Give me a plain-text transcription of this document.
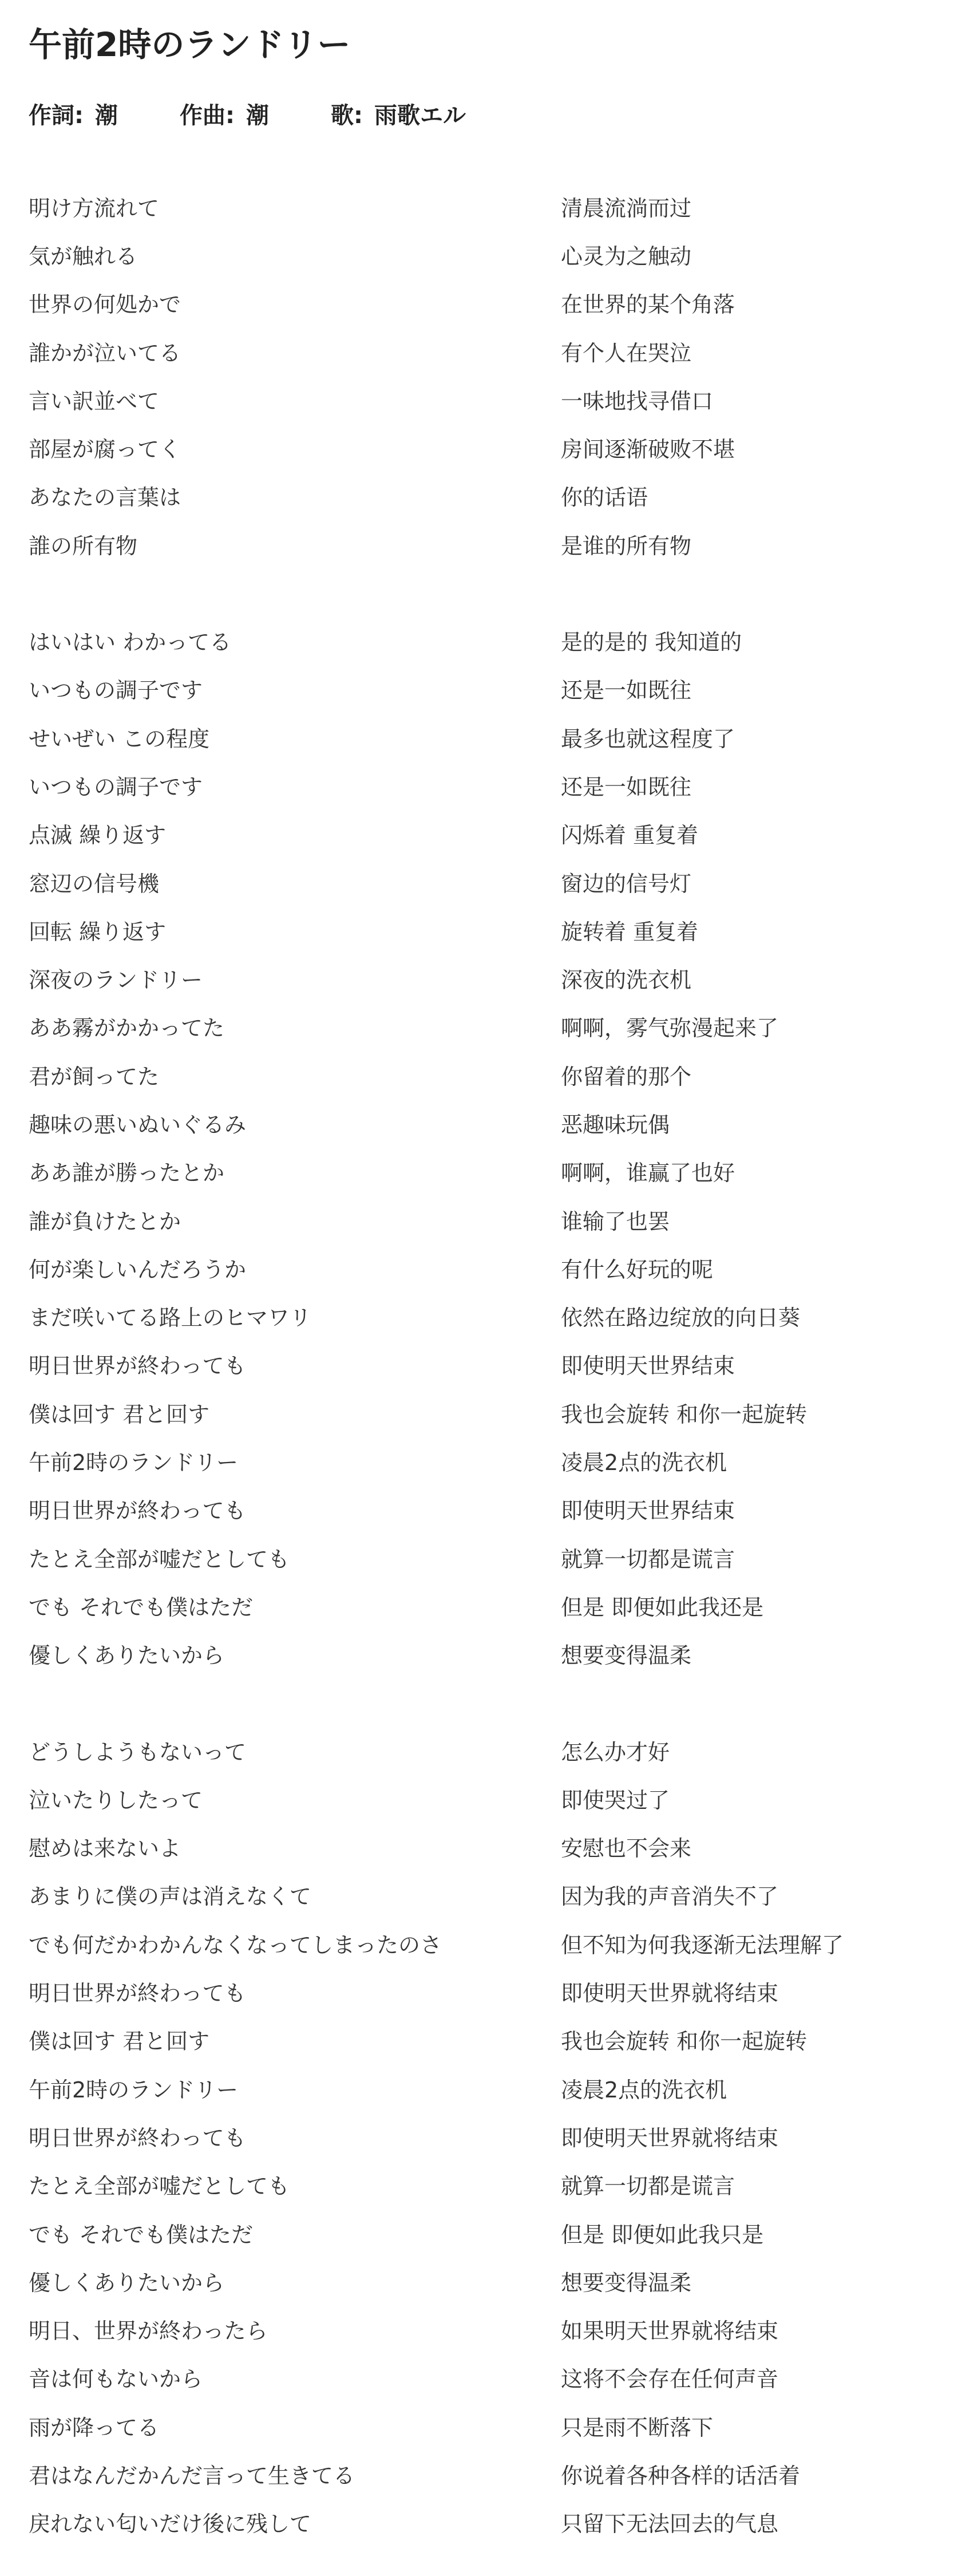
午前2時のランドリー
作詞: 潮	作曲: 潮	歌: 雨歌エル
明け方流れて	清晨流淌而过
気が触れる	心灵为之触动
世界の何処かで	在世界的某个角落
誰かが泣いてる	有个人在哭泣
言い訳並べて	一味地找寻借口
部屋が腐ってく	房间逐渐破败不堪
あなたの言葉は	你的话语
誰の所有物	是谁的所有物
はいはい わかってる	是的是的 我知道的
いつもの調子です	还是一如既往
せいぜい この程度	最多也就这程度了
いつもの調子です	还是一如既往
点滅 繰り返す	闪烁着 重复着
窓辺の信号機	窗边的信号灯
回転 繰り返す	旋转着 重复着
深夜のランドリー	深夜的洗衣机
ああ霧がかかってた	啊啊，雾气弥漫起来了
君が飼ってた	你留着的那个
趣味の悪いぬいぐるみ	恶趣味玩偶
ああ誰が勝ったとか	啊啊，谁赢了也好
誰が負けたとか	谁输了也罢
何が楽しいんだろうか	有什么好玩的呢
まだ咲いてる路上のヒマワリ	依然在路边绽放的向日葵
明日世界が終わっても	即使明天世界结束
僕は回す 君と回す	我也会旋转 和你一起旋转
午前2時のランドリー	凌晨2点的洗衣机
明日世界が終わっても	即使明天世界结束
たとえ全部が嘘だとしても	就算一切都是谎言
でも それでも僕はただ	但是 即便如此我还是
優しくありたいから	想要变得温柔
どうしようもないって	怎么办才好
泣いたりしたって	即使哭过了
慰めは来ないよ	安慰也不会来
あまりに僕の声は消えなくて	因为我的声音消失不了
でも何だかわかんなくなってしまったのさ	但不知为何我逐渐无法理解了
明日世界が終わっても	即使明天世界就将结束
僕は回す 君と回す	我也会旋转 和你一起旋转
午前2時のランドリー	凌晨2点的洗衣机
明日世界が終わっても	即使明天世界就将结束
たとえ全部が嘘だとしても	就算一切都是谎言
でも それでも僕はただ	但是 即便如此我只是
優しくありたいから	想要变得温柔
明日、世界が終わったら	如果明天世界就将结束
音は何もないから	这将不会存在任何声音
雨が降ってる	只是雨不断落下
君はなんだかんだ言って生きてる	你说着各种各样的话活着
戻れない匂いだけ後に残して	只留下无法回去的气息
